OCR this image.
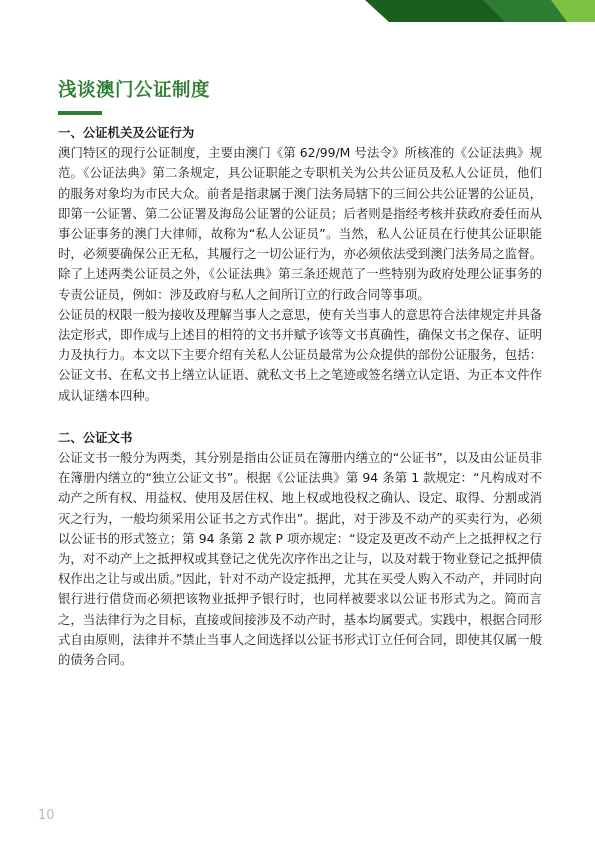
浅谈澳门公证制度
一、公证机关及公证行为

澳门特区的现行公证制度，主要由澳门《第 62/99/M 号法令》所核准的《公证法典》规范。《公证法典》第二条规定，具公证职能之专职机关为公共公证员及私人公证员，他们的服务对象均为市民大众。前者是指隶属于澳门法务局辖下的三间公共公证署的公证员，即第一公证署、第二公证署及海岛公证署的公证员；后者则是指经考核并获政府委任而从事公证事务的澳门大律师，故称为“私人公证员”。当然，私人公证员在行使其公证职能时，必须要确保公正无私，其履行之一切公证行为，亦必须依法受到澳门法务局之监督。 除了上述两类公证员之外，《公证法典》第三条还规范了一些特别为政府处理公证事务的专责公证员，例如：涉及政府与私人之间所订立的行政合同等事项。

公证员的权限一般为接收及理解当事人之意思，使有关当事人的意思符合法律规定并具备法定形式，即作成与上述目的相符的文书并赋予该等文书真确性，确保文书之保存、证明力及执行力。本文以下主要介绍有关私人公证员最常为公众提供的部份公证服务，包括：公证文书、在私文书上缮立认证语、就私文书上之笔迹或签名缮立认定语、为正本文件作成认证缮本四种。

二、公证文书

公证文书一般分为两类，其分别是指由公证员在簿册内缮立的“公证书”，以及由公证员非在簿册内缮立的“独立公证文书”。根据《公证法典》第 94 条第 1 款规定：“凡构成对不动产之所有权、用益权、使用及居住权、地上权或地役权之确认、设定、取得、分割或消灭之行为，一般均须采用公证书之方式作出”。据此，对于涉及不动产的买卖行为，必须以公证书的形式签立；第 94 条第 2 款 P 项亦规定：“设定及更改不动产上之抵押权之行为，对不动产上之抵押权或其登记之优先次序作出之让与，以及对载于物业登记之抵押债权作出之让与或出质。”因此，针对不动产设定抵押，尤其在买受人购入不动产，并同时向银行进行借贷而必须把该物业抵押予银行时，也同样被要求以公证书形式为之。简而言之，当法律行为之目标，直接或间接涉及不动产时，基本均属要式。实践中，根据合同形式自由原则，法律并不禁止当事人之间选择以公证书形式订立任何合同，即使其仅属一般的债务合同。

10
